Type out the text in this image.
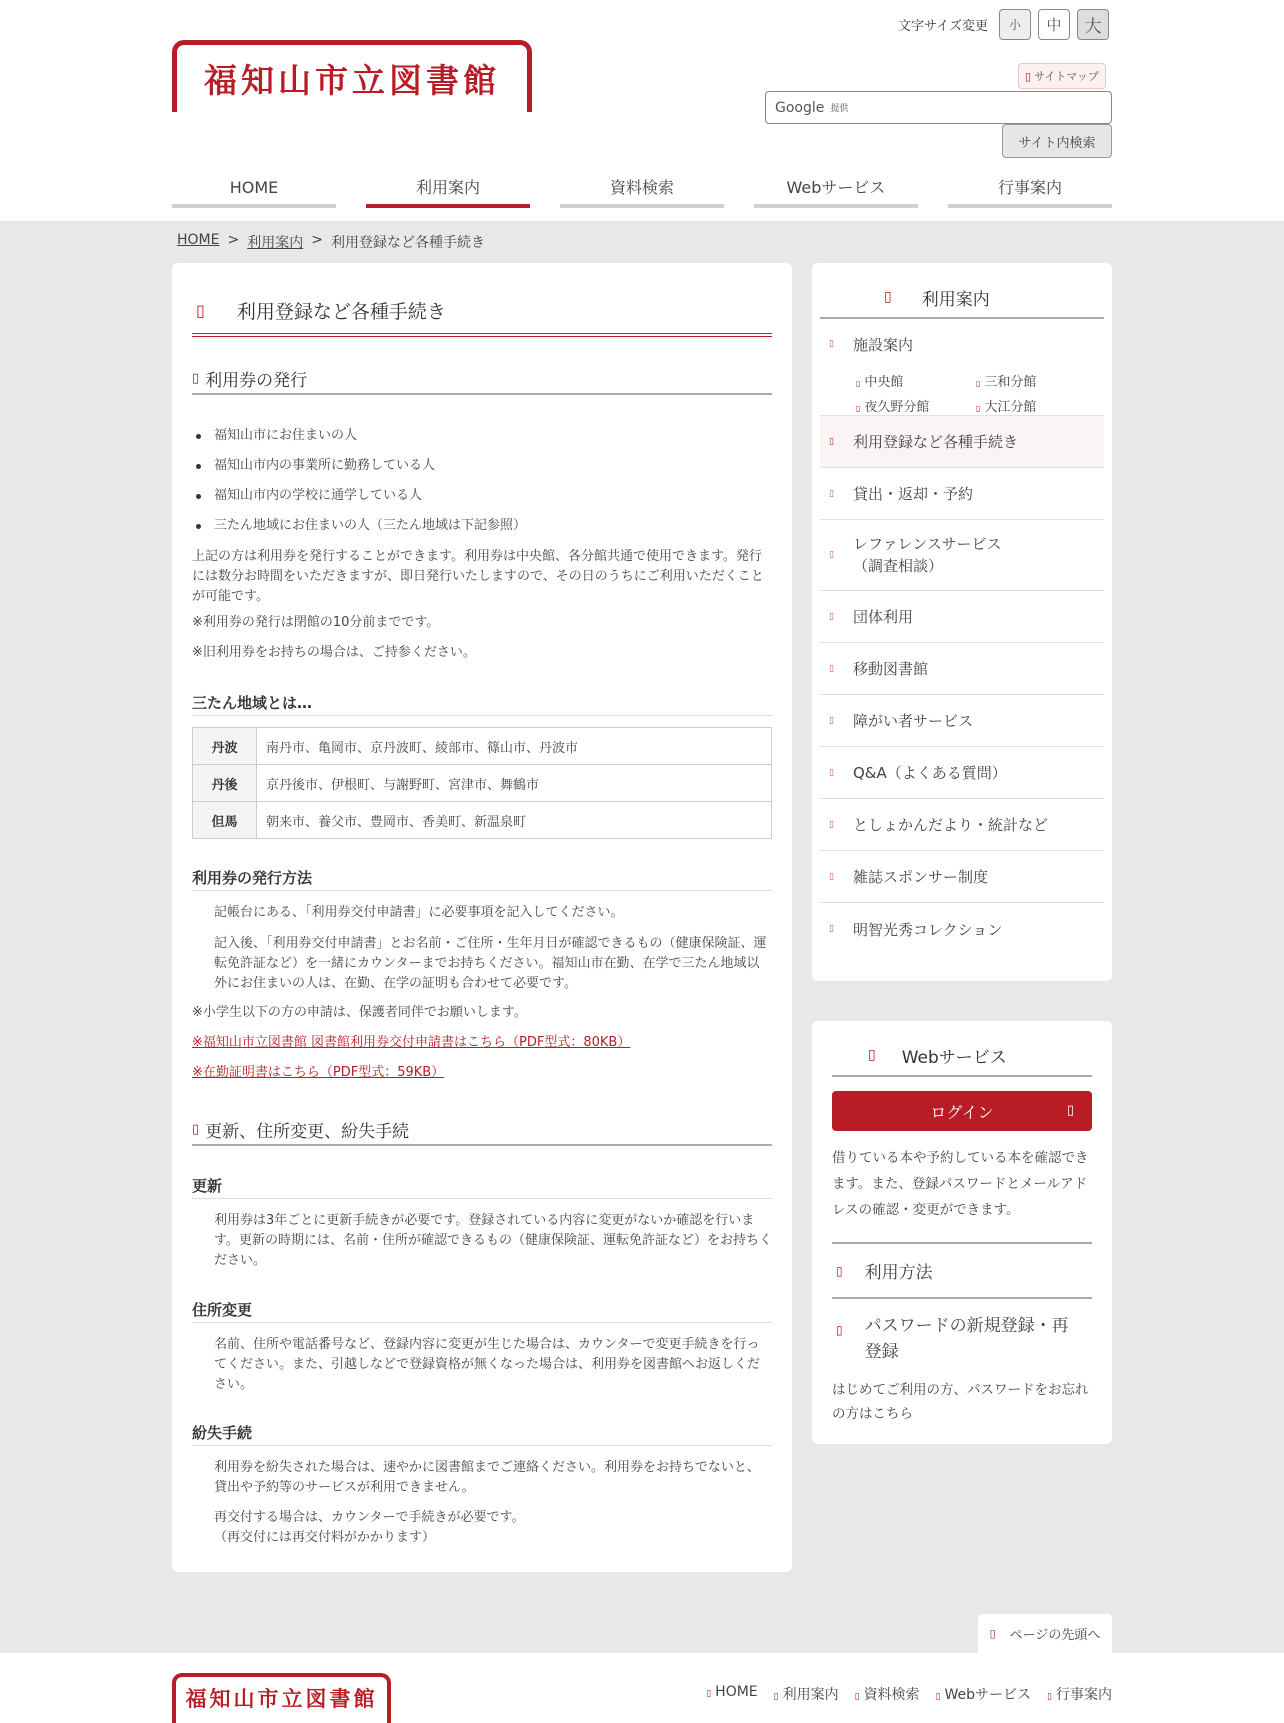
福知山市立図書館
文字サイズ変更	小	中	大
▯ サイトマップ
Google 提供
サイト内検索
HOME	利用案内	資料検索	Webサービス	行事案内
HOME > 利用案内 > 利用登録など各種手続き
▯ 利用登録など各種手続き
▯ 利用券の発行
福知山市にお住まいの人
福知山市内の事業所に勤務している人
福知山市内の学校に通学している人
三たん地域にお住まいの人（三たん地域は下記参照）

上記の方は利用券を発行することができます。利用券は中央館、各分館共通で使用できます。発行には数分お時間をいただきますが、即日発行いたしますので、その日のうちにご利用いただくことが可能です。

※利用券の発行は閉館の10分前までです。

※旧利用券をお持ちの場合は、ご持参ください。

三たん地域とは…
丹波	南丹市、亀岡市、京丹波町、綾部市、篠山市、丹波市
丹後	京丹後市、伊根町、与謝野町、宮津市、舞鶴市
但馬	朝来市、養父市、豊岡市、香美町、新温泉町
利用券の発行方法

記帳台にある、「利用券交付申請書」に必要事項を記入してください。

記入後、「利用券交付申請書」とお名前・ご住所・生年月日が確認できるもの（健康保険証、運転免許証など）を一緒にカウンターまでお持ちください。福知山市在勤、在学で三たん地域以外にお住まいの人は、在勤、在学の証明も合わせて必要です。

※小学生以下の方の申請は、保護者同伴でお願いします。

※福知山市立図書館 図書館利用券交付申請書はこちら（PDF型式：80KB）

※在勤証明書はこちら（PDF型式：59KB）

▯ 更新、住所変更、紛失手続
更新

利用券は3年ごとに更新手続きが必要です。登録されている内容に変更がないか確認を行います。更新の時期には、名前・住所が確認できるもの（健康保険証、運転免許証など）をお持ちください。

住所変更

名前、住所や電話番号など、登録内容に変更が生じた場合は、カウンターで変更手続きを行ってください。また、引越しなどで登録資格が無くなった場合は、利用券を図書館へお返しください。

紛失手続

利用券を紛失された場合は、速やかに図書館までご連絡ください。利用券をお持ちでないと、貸出や予約等のサービスが利用できません。

再交付する場合は、カウンターで手続きが必要です。

（再交付には再交付料がかかります）

▯ 利用案内
▯ 施設案内
▯ 中央館	▯ 三和分館
▯ 夜久野分館	▯ 大江分館
▯ 利用登録など各種手続き
▯ 貸出・返却・予約
▯
レファレンスサービス
（調査相談）
▯ 団体利用
▯ 移動図書館
▯ 障がい者サービス
▯ Q&A（よくある質問）
▯ としょかんだより・統計など
▯ 雑誌スポンサー制度
▯ 明智光秀コレクション
▯ Webサービス
ログイン	▯

借りている本や予約している本を確認できます。また、登録パスワードとメールアドレスの確認・変更ができます。

▯ 利用方法
▯ パスワードの新規登録・再
登録

はじめてご利用の方、パスワードをお忘れの方はこちら

▯ ページの先頭へ
福知山市立図書館	▯ HOME ▯ 利用案内 ▯ 資料検索 ▯ Webサービス ▯ 行事案内
